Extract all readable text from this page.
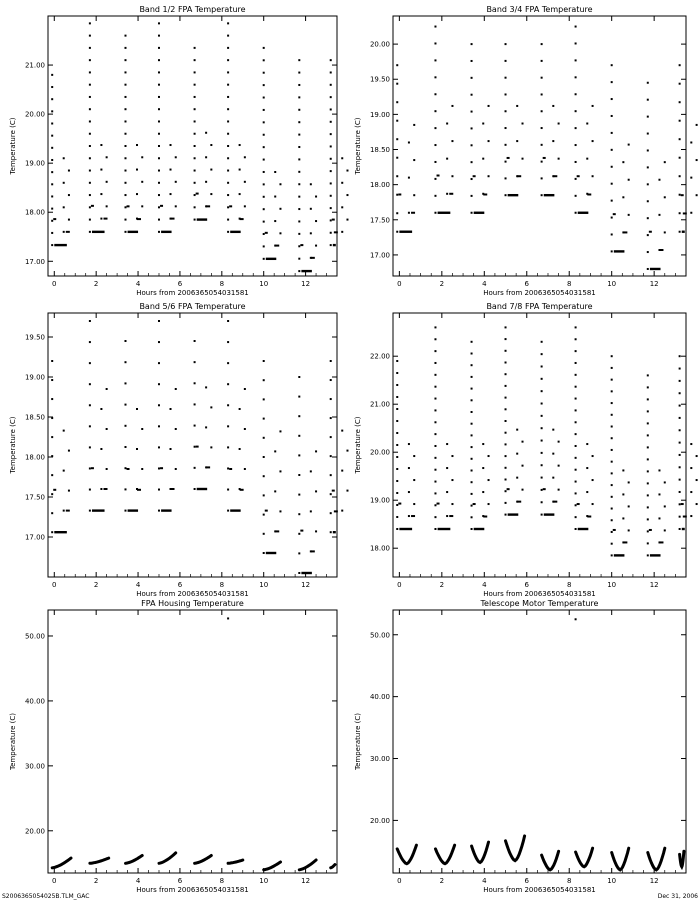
Band 1/2 FPA Temperature
Hours from 2006365054031581
Temperature (C)
0	2	4	6	8	10	12
17.00
18.00
19.00
20.00
21.00
Band 3/4 FPA Temperature
Hours from 2006365054031581
Temperature (C)
0	2	4	6	8	10	12
17.00
17.50
18.00
18.50
19.00
19.50
20.00
Band 5/6 FPA Temperature
Hours from 2006365054031581
Temperature (C)
0	2	4	6	8	10	12
17.00
17.50
18.00
18.50
19.00
19.50
Band 7/8 FPA Temperature
Hours from 2006365054031581
Temperature (C)
0	2	4	6	8	10	12
18.00
19.00
20.00
21.00
22.00
FPA Housing Temperature
Hours from 2006365054031581
Temperature (C)
0	2	4	6	8	10	12
20.00
30.00
40.00
50.00
Telescope Motor Temperature
Hours from 2006365054031581
Temperature (C)
0	2	4	6	8	10	12
20.00
30.00
40.00
50.00
S2006365054025B.TLM_GAC	Dec 31, 2006
